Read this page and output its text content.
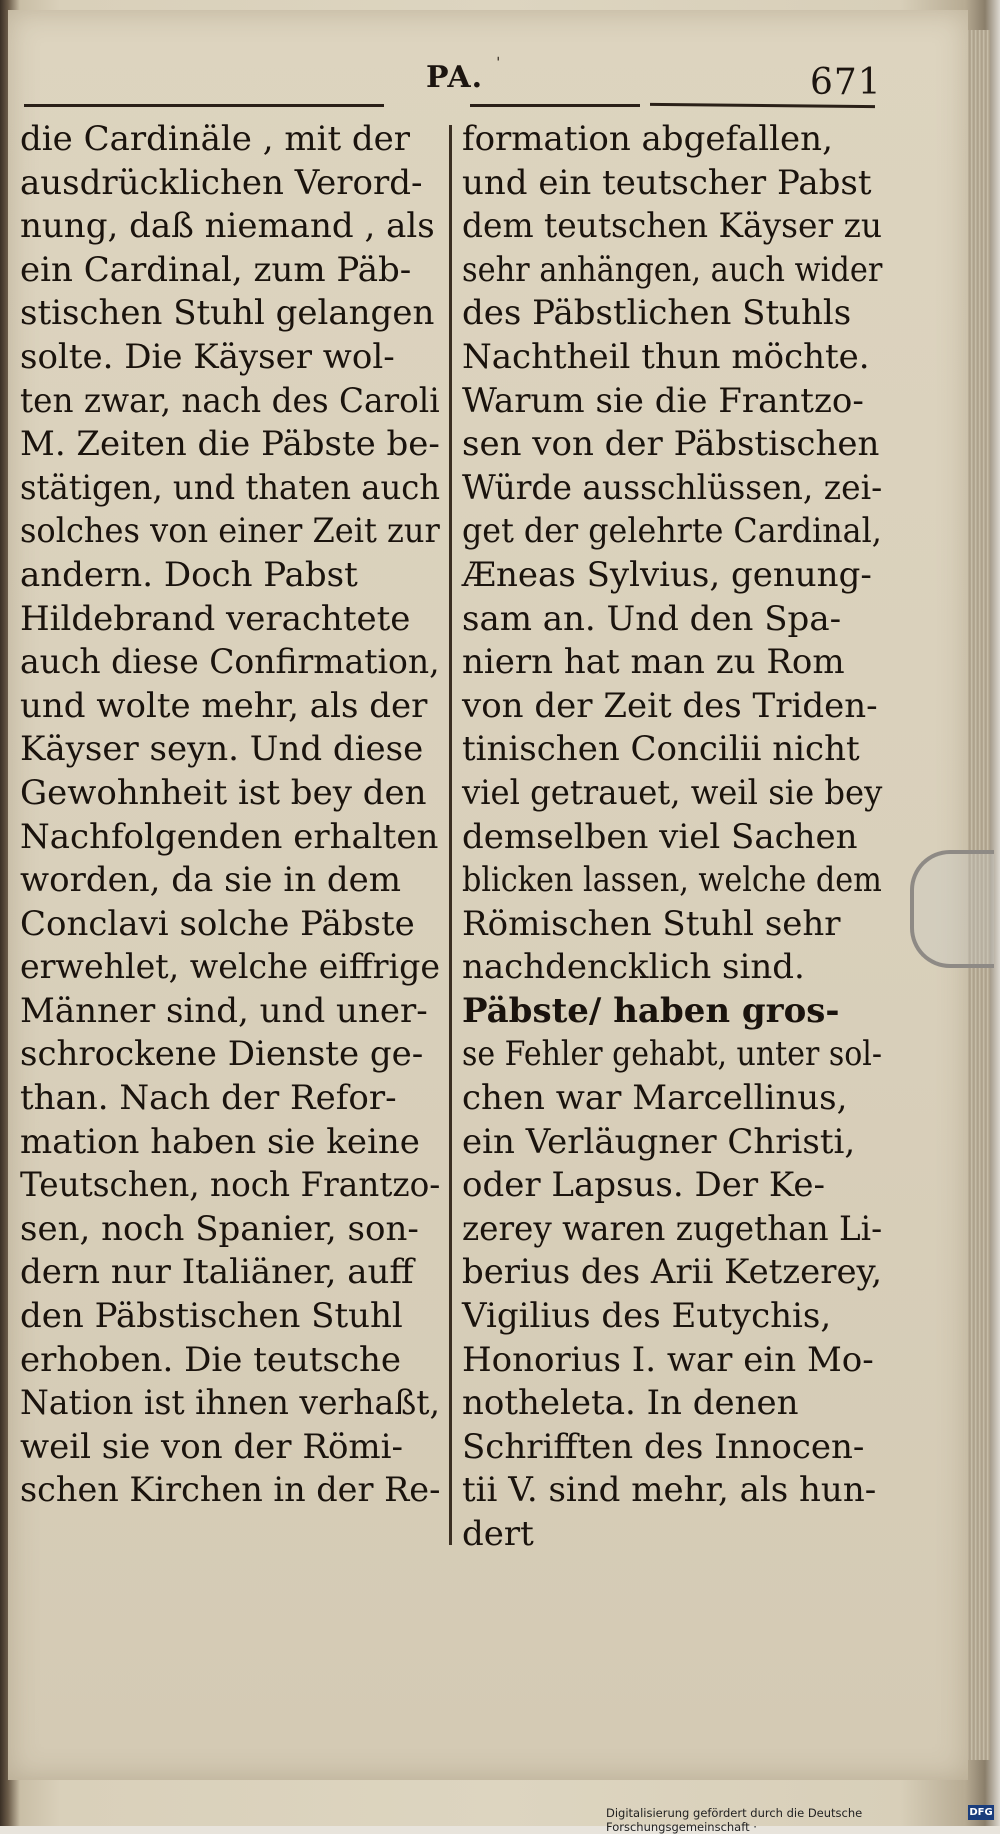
PA. ˈ	671
die Cardinäle , mit der
ausdrücklichen Verord-
nung, daß niemand , als
ein Cardinal, zum Päb-
stischen Stuhl gelangen
solte. Die Käyser wol-
ten zwar, nach des Caroli
M. Zeiten die Päbste be-
stätigen, und thaten auch
solches von einer Zeit zur
andern. Doch Pabst
Hildebrand verachtete
auch diese Confirmation,
und wolte mehr, als der
Käyser seyn. Und diese
Gewohnheit ist bey den
Nachfolgenden erhalten
worden, da sie in dem
Conclavi solche Päbste
erwehlet, welche eiffrige
Männer sind, und uner-
schrockene Dienste ge-
than. Nach der Refor-
mation haben sie keine
Teutschen, noch Frantzo-
sen, noch Spanier, son-
dern nur Italiäner, auff
den Päbstischen Stuhl
erhoben. Die teutsche
Nation ist ihnen verhaßt,
weil sie von der Römi-
schen Kirchen in der Re-
formation abgefallen,
und ein teutscher Pabst
dem teutschen Käyser zu
sehr anhängen, auch wider
des Päbstlichen Stuhls
Nachtheil thun möchte.
Warum sie die Frantzo-
sen von der Päbstischen
Würde ausschlüssen, zei-
get der gelehrte Cardinal,
Æneas Sylvius, genung-
sam an. Und den Spa-
niern hat man zu Rom
von der Zeit des Triden-
tinischen Concilii nicht
viel getrauet, weil sie bey
demselben viel Sachen
blicken lassen, welche dem
Römischen Stuhl sehr
nachdencklich sind.
Päbste/ haben gros-
se Fehler gehabt, unter sol-
chen war Marcellinus,
ein Verläugner Christi,
oder Lapsus. Der Ke-
zerey waren zugethan Li-
berius des Arii Ketzerey,
Vigilius des Eutychis,
Honorius I. war ein Mo-
notheleta. In denen
Schrifften des Innocen-
tii V. sind mehr, als hun-
dert
Digitalisierung gefördert durch die Deutsche Forschungsgemeinschaft ·
DFG
